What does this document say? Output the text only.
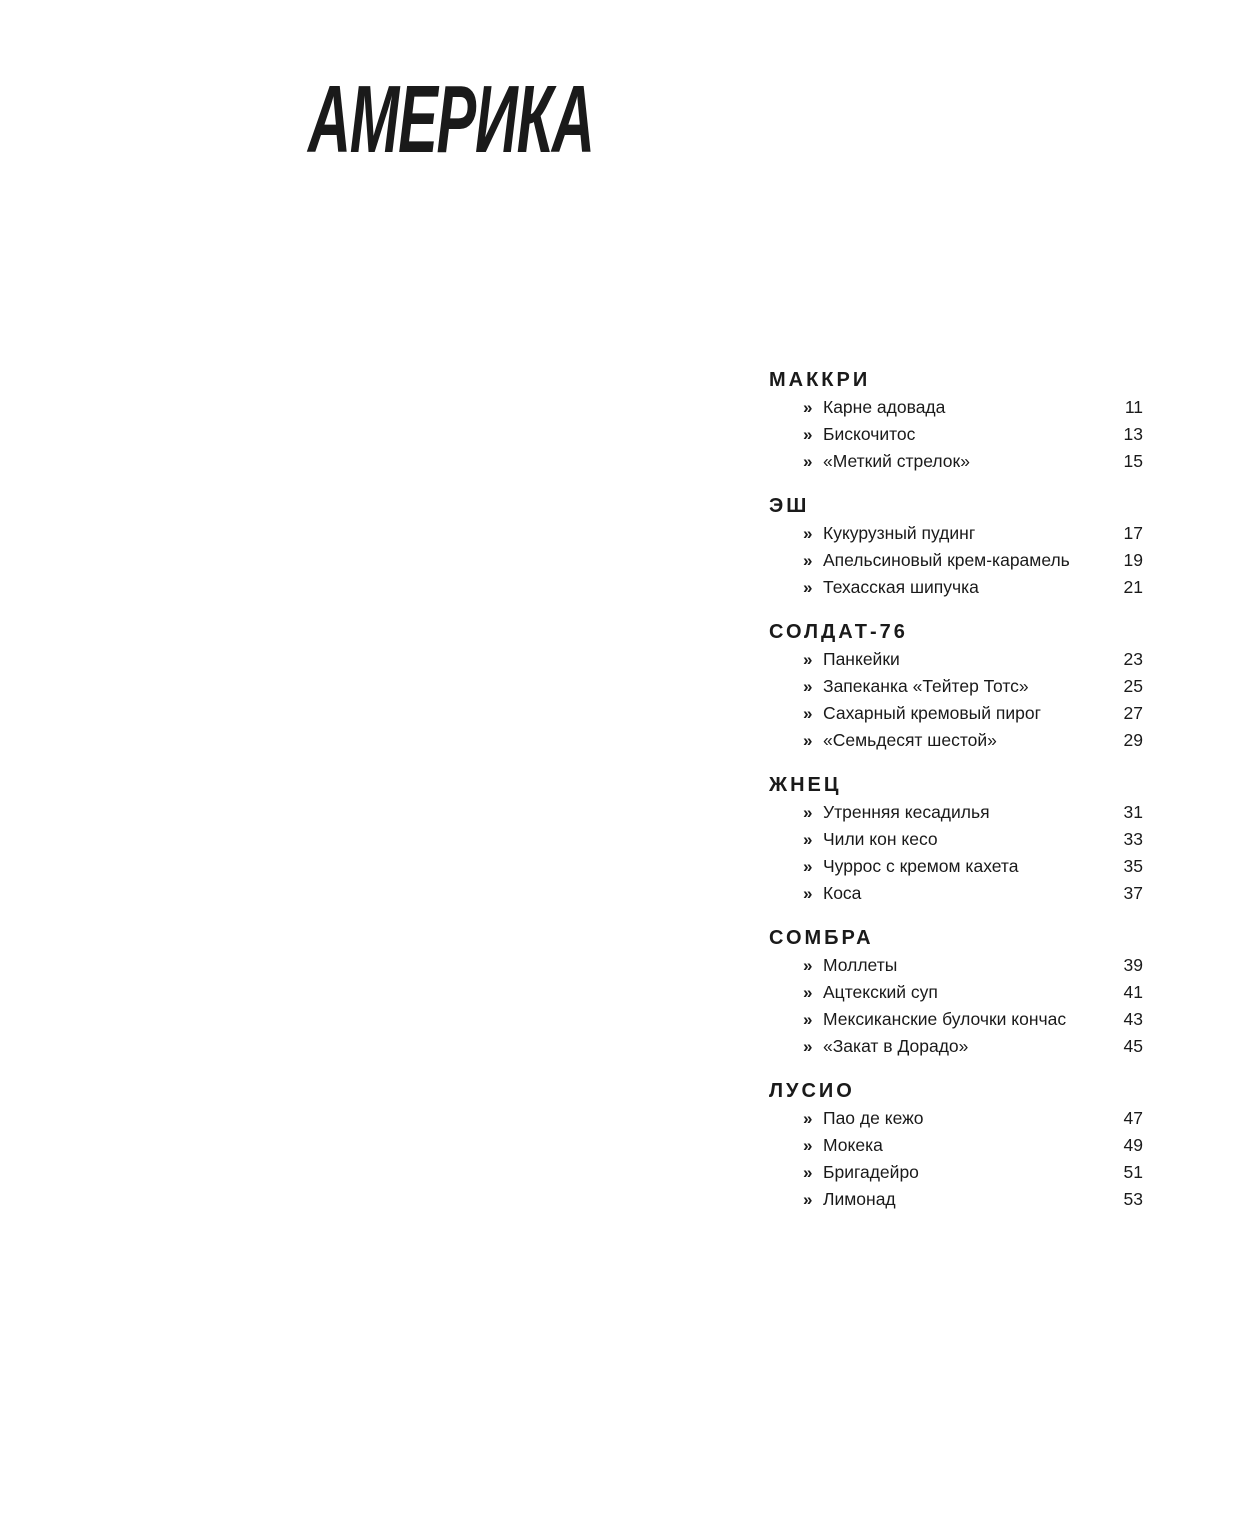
АМЕРИКА
МАККРИ
» Карне адовада	11
» Бискочитос	13
» «Меткий стрелок»	15
ЭШ
» Кукурузный пудинг	17
» Апельсиновый крем-карамель	19
» Техасская шипучка	21
СОЛДАТ-76
» Панкейки	23
» Запеканка «Тейтер Тотс»	25
» Сахарный кремовый пирог	27
» «Семьдесят шестой»	29
ЖНЕЦ
» Утренняя кесадилья	31
» Чили кон кесо	33
» Чуррос с кремом кахета	35
» Коса	37
СОМБРА
» Моллеты	39
» Ацтекский суп	41
» Мексиканские булочки кончас	43
» «Закат в Дорадо»	45
ЛУСИО
» Пао де кежо	47
» Мокека	49
» Бригадейро	51
» Лимонад	53
